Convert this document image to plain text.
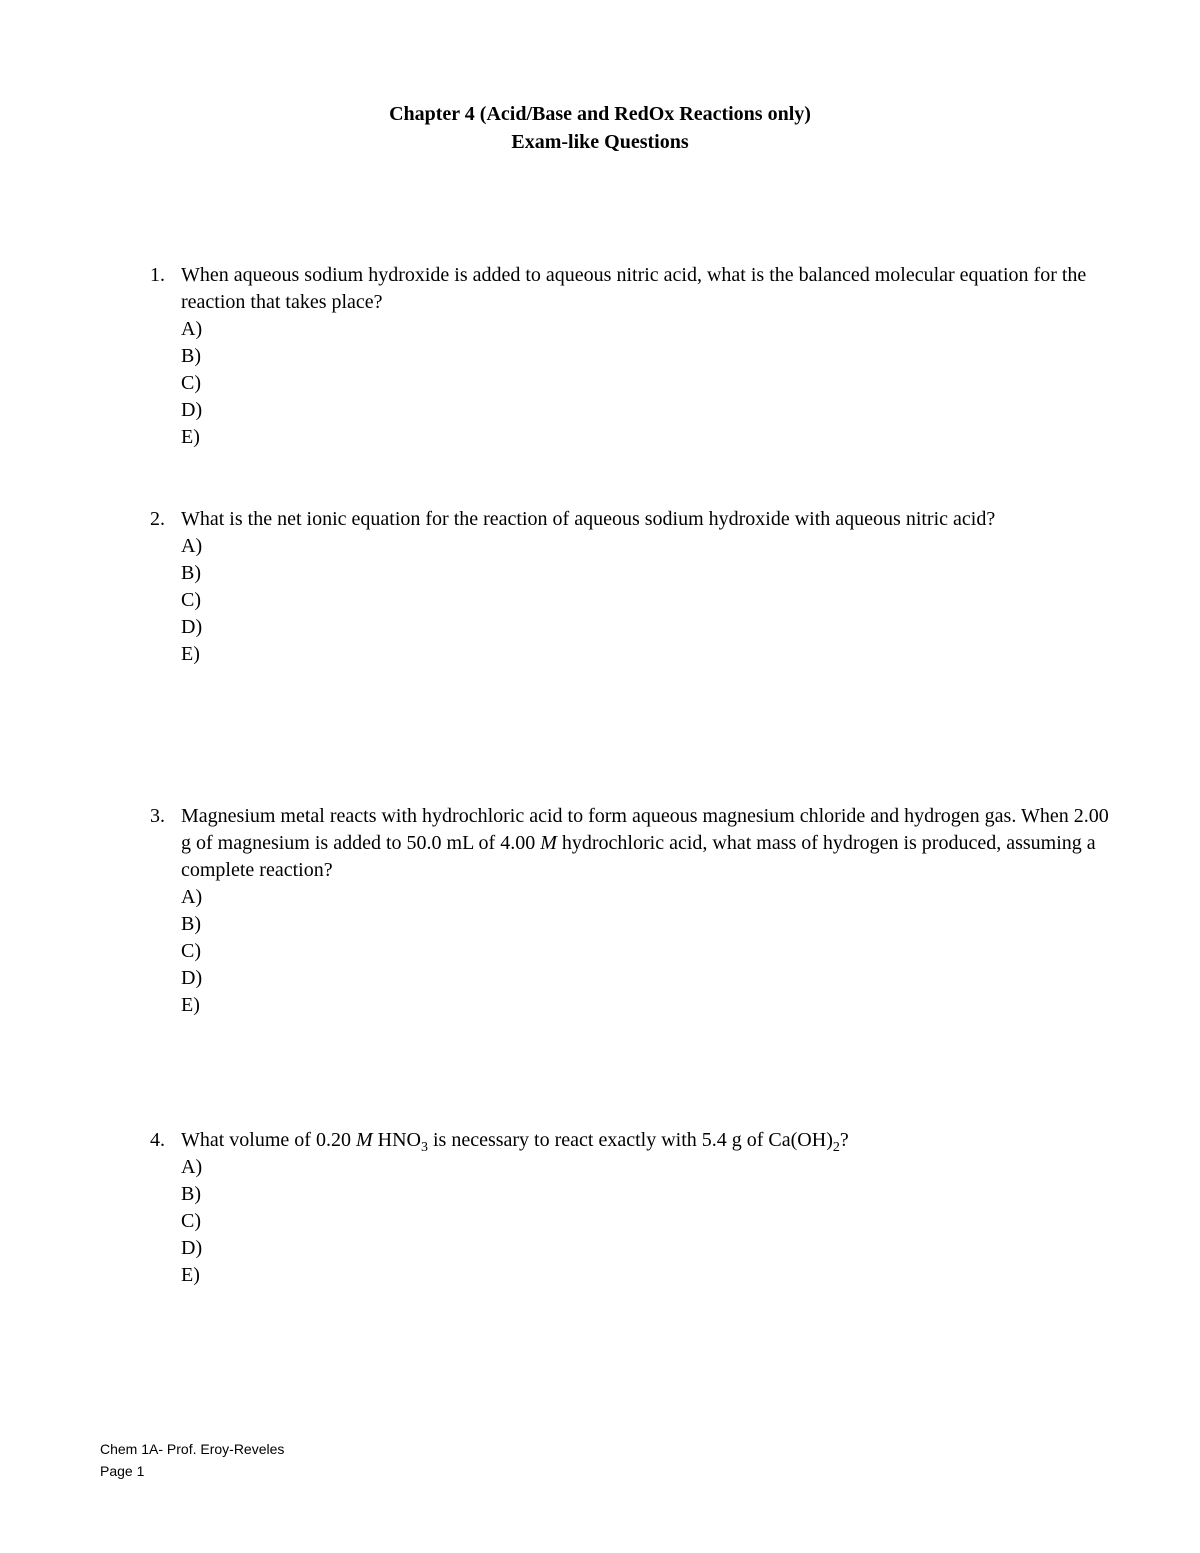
Chapter 4 (Acid/Base and RedOx Reactions only)
Exam-like Questions
1. When aqueous sodium hydroxide is added to aqueous nitric acid, what is the balanced molecular equation for the reaction that takes place?
A)
B)
C)
D)
E)
2. What is the net ionic equation for the reaction of aqueous sodium hydroxide with aqueous nitric acid?
A)
B)
C)
D)
E)
3. Magnesium metal reacts with hydrochloric acid to form aqueous magnesium chloride and hydrogen gas. When 2.00 g of magnesium is added to 50.0 mL of 4.00 M hydrochloric acid, what mass of hydrogen is produced, assuming a complete reaction?
A)
B)
C)
D)
E)
4. What volume of 0.20 M $HNO_3$ is necessary to react exactly with 5.4 g of $Ca(OH)_2$?
A)
B)
C)
D)
E)
Chem 1A- Prof. Eroy-Reveles
Page 1
